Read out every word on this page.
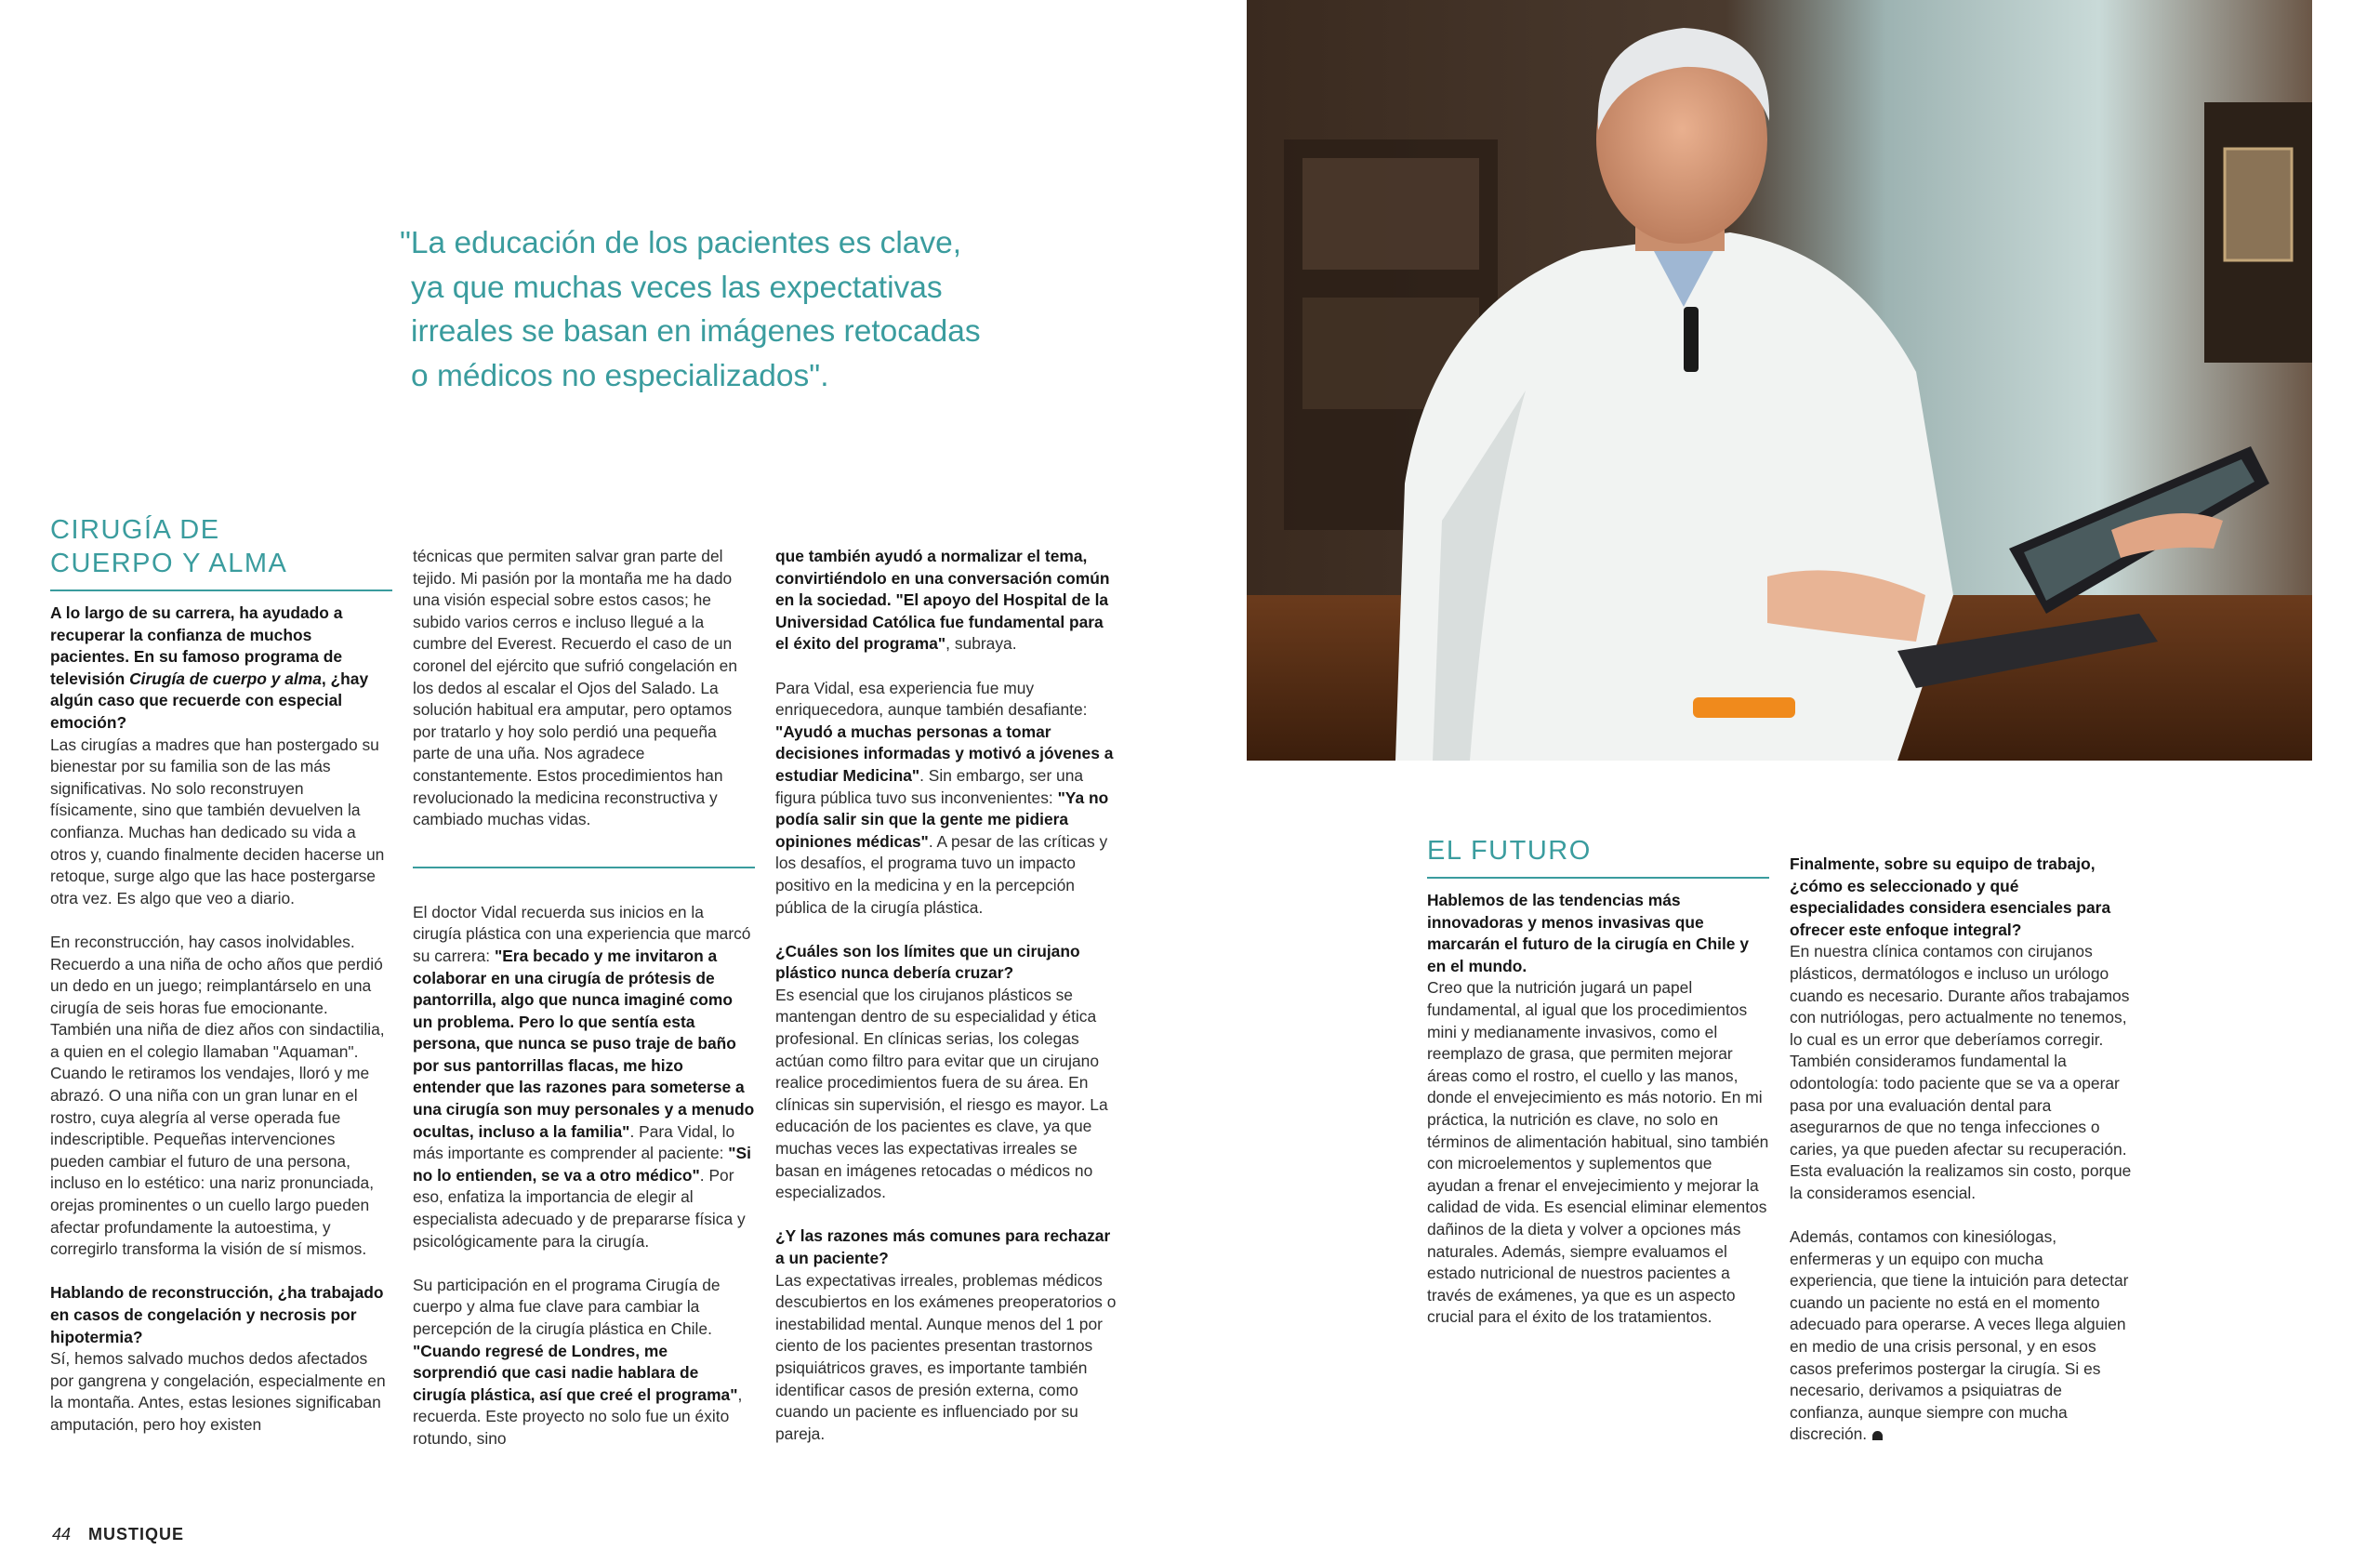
"La educación de los pacientes es clave,
ya que muchas veces las expectativas
irreales se basan en imágenes retocadas
o médicos no especializados".
CIRUGÍA DE
CUERPO Y ALMA

A lo largo de su carrera, ha ayudado a recuperar la confianza de muchos pacientes. En su famoso programa de televisión Cirugía de cuerpo y alma, ¿hay algún caso que recuerde con especial emoción?

Las cirugías a madres que han postergado su bienestar por su familia son de las más significativas. No solo reconstruyen físicamente, sino que también devuelven la confianza. Muchas han dedicado su vida a otros y, cuando finalmente deciden hacerse un retoque, surge algo que las hace postergarse otra vez. Es algo que veo a diario.

En reconstrucción, hay casos inolvidables. Recuerdo a una niña de ocho años que perdió un dedo en un juego; reimplantárselo en una cirugía de seis horas fue emocionante. También una niña de diez años con sindactilia, a quien en el colegio llamaban "Aquaman". Cuando le retiramos los vendajes, lloró y me abrazó. O una niña con un gran lunar en el rostro, cuya alegría al verse operada fue indescriptible. Pequeñas intervenciones pueden cambiar el futuro de una persona, incluso en lo estético: una nariz pronunciada, orejas prominentes o un cuello largo pueden afectar profundamente la autoestima, y corregirlo transforma la visión de sí mismos.

Hablando de reconstrucción, ¿ha trabajado en casos de congelación y necrosis por hipotermia?

Sí, hemos salvado muchos dedos afectados por gangrena y congelación, especialmente en la montaña. Antes, estas lesiones significaban amputación, pero hoy existen

técnicas que permiten salvar gran parte del tejido. Mi pasión por la montaña me ha dado una visión especial sobre estos casos; he subido varios cerros e incluso llegué a la cumbre del Everest. Recuerdo el caso de un coronel del ejército que sufrió congelación en los dedos al escalar el Ojos del Salado. La solución habitual era amputar, pero optamos por tratarlo y hoy solo perdió una pequeña parte de una uña. Nos agradece constantemente. Estos procedimientos han revolucionado la medicina reconstructiva y cambiado muchas vidas.

El doctor Vidal recuerda sus inicios en la cirugía plástica con una experiencia que marcó su carrera: "Era becado y me invitaron a colaborar en una cirugía de prótesis de pantorrilla, algo que nunca imaginé como un problema. Pero lo que sentía esta persona, que nunca se puso traje de baño por sus pantorrillas flacas, me hizo entender que las razones para someterse a una cirugía son muy personales y a menudo ocultas, incluso a la familia". Para Vidal, lo más importante es comprender al paciente: "Si no lo entienden, se va a otro médico". Por eso, enfatiza la importancia de elegir al especialista adecuado y de prepararse física y psicológicamente para la cirugía.

Su participación en el programa Cirugía de cuerpo y alma fue clave para cambiar la percepción de la cirugía plástica en Chile. "Cuando regresé de Londres, me sorprendió que casi nadie hablara de cirugía plástica, así que creé el programa", recuerda. Este proyecto no solo fue un éxito rotundo, sino

que también ayudó a normalizar el tema, convirtiéndolo en una conversación común en la sociedad. "El apoyo del Hospital de la Universidad Católica fue fundamental para el éxito del programa", subraya.

Para Vidal, esa experiencia fue muy enriquecedora, aunque también desafiante: "Ayudó a muchas personas a tomar decisiones informadas y motivó a jóvenes a estudiar Medicina". Sin embargo, ser una figura pública tuvo sus inconvenientes: "Ya no podía salir sin que la gente me pidiera opiniones médicas". A pesar de las críticas y los desafíos, el programa tuvo un impacto positivo en la medicina y en la percepción pública de la cirugía plástica.

¿Cuáles son los límites que un cirujano plástico nunca debería cruzar?

Es esencial que los cirujanos plásticos se mantengan dentro de su especialidad y ética profesional. En clínicas serias, los colegas actúan como filtro para evitar que un cirujano realice procedimientos fuera de su área. En clínicas sin supervisión, el riesgo es mayor. La educación de los pacientes es clave, ya que muchas veces las expectativas irreales se basan en imágenes retocadas o médicos no especializados.

¿Y las razones más comunes para rechazar a un paciente?

Las expectativas irreales, problemas médicos descubiertos en los exámenes preoperatorios o inestabilidad mental. Aunque menos del 1 por ciento de los pacientes presentan trastornos psiquiátricos graves, es importante también identificar casos de presión externa, como cuando un paciente es influenciado por su pareja.

EL FUTURO

Hablemos de las tendencias más innovadoras y menos invasivas que marcarán el futuro de la cirugía en Chile y en el mundo.

Creo que la nutrición jugará un papel fundamental, al igual que los procedimientos mini y medianamente invasivos, como el reemplazo de grasa, que permiten mejorar áreas como el rostro, el cuello y las manos, donde el envejecimiento es más notorio. En mi práctica, la nutrición es clave, no solo en términos de alimentación habitual, sino también con microelementos y suplementos que ayudan a frenar el envejecimiento y mejorar la calidad de vida. Es esencial eliminar elementos dañinos de la dieta y volver a opciones más naturales. Además, siempre evaluamos el estado nutricional de nuestros pacientes a través de exámenes, ya que es un aspecto crucial para el éxito de los tratamientos.

Finalmente, sobre su equipo de trabajo, ¿cómo es seleccionado y qué especialidades considera esenciales para ofrecer este enfoque integral?

En nuestra clínica contamos con cirujanos plásticos, dermatólogos e incluso un urólogo cuando es necesario. Durante años trabajamos con nutriólogas, pero actualmente no tenemos, lo cual es un error que deberíamos corregir. También consideramos fundamental la odontología: todo paciente que se va a operar pasa por una evaluación dental para asegurarnos de que no tenga infecciones o caries, ya que pueden afectar su recuperación. Esta evaluación la realizamos sin costo, porque la consideramos esencial.

Además, contamos con kinesiólogas, enfermeras y un equipo con mucha experiencia, que tiene la intuición para detectar cuando un paciente no está en el momento adecuado para operarse. A veces llega alguien en medio de una crisis personal, y en esos casos preferimos postergar la cirugía. Si es necesario, derivamos a psiquiatras de confianza, aunque siempre con mucha discreción.

44 MUSTIQUE
